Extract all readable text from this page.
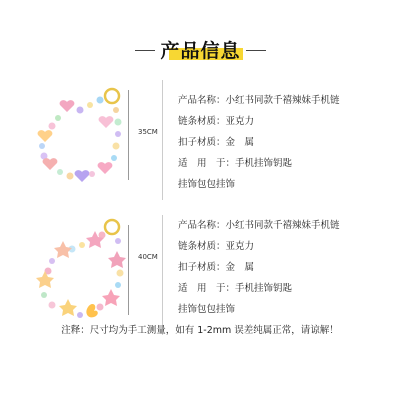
产品信息
35CM
产品名称：小红书同款千禧辣妹手机链
链条材质：亚克力
扣子材质：金　属
适　用　于：手机挂饰钥匙
挂饰包包挂饰
40CM
产品名称：小红书同款千禧辣妹手机链
链条材质：亚克力
扣子材质：金　属
适　用　于：手机挂饰钥匙
挂饰包包挂饰
注释：尺寸均为手工测量，如有 1-2mm 误差纯属正常，请谅解！
